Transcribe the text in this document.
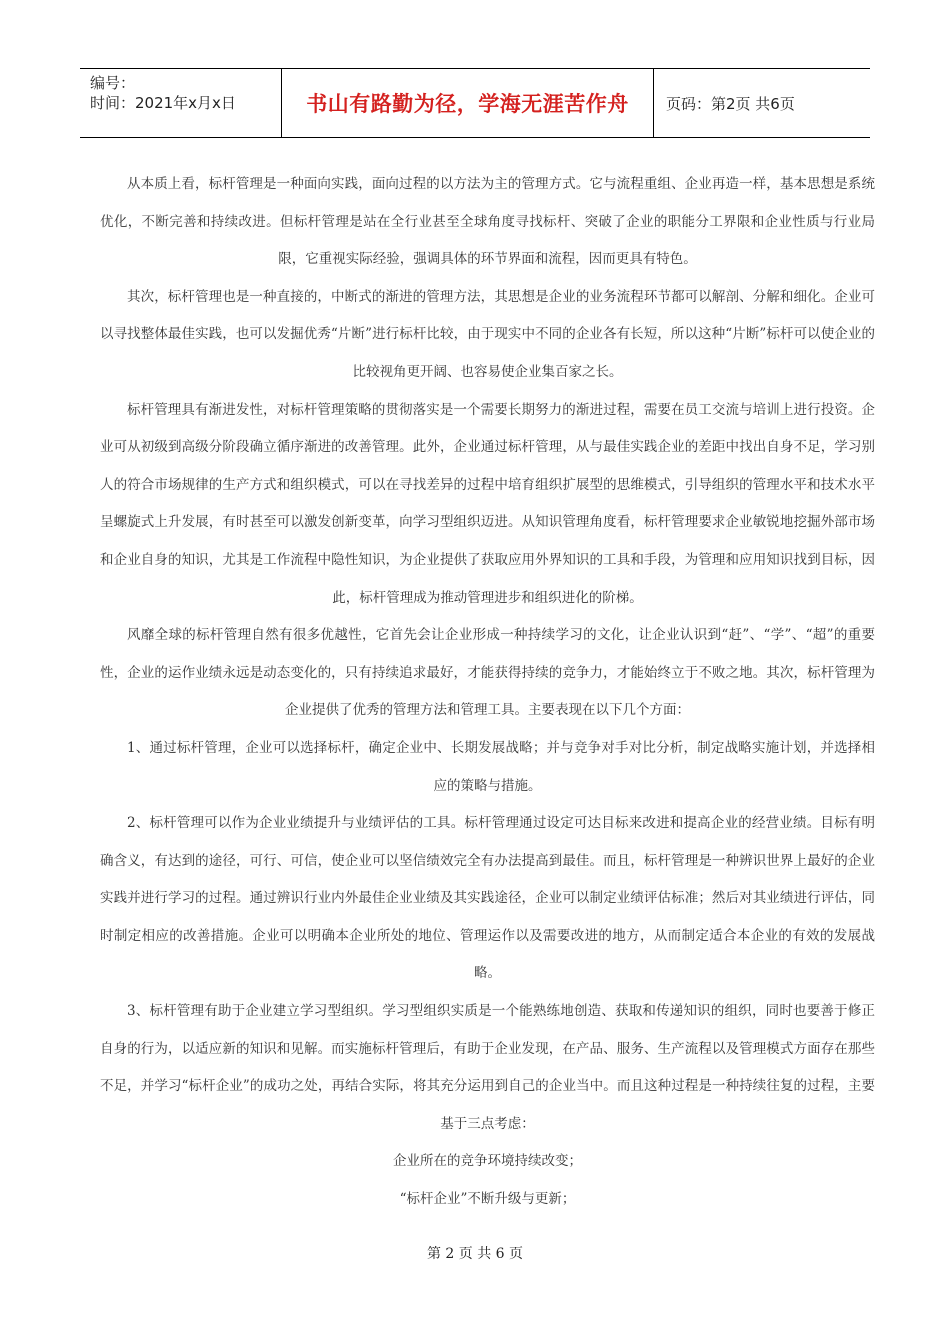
编号：
时间：2021年x月x日	书山有路勤为径，学海无涯苦作舟	页码：第2页 共6页

从本质上看，标杆管理是一种面向实践，面向过程的以方法为主的管理方式。它与流程重组、企业再造一样，基本思想是系统优化，不断完善和持续改进。但标杆管理是站在全行业甚至全球角度寻找标杆、突破了企业的职能分工界限和企业性质与行业局限，它重视实际经验，强调具体的环节界面和流程，因而更具有特色。

其次，标杆管理也是一种直接的，中断式的渐进的管理方法，其思想是企业的业务流程环节都可以解剖、分解和细化。企业可以寻找整体最佳实践，也可以发掘优秀“片断”进行标杆比较，由于现实中不同的企业各有长短，所以这种“片断”标杆可以使企业的比较视角更开阔、也容易使企业集百家之长。

标杆管理具有渐进发性，对标杆管理策略的贯彻落实是一个需要长期努力的渐进过程，需要在员工交流与培训上进行投资。企业可从初级到高级分阶段确立循序渐进的改善管理。此外，企业通过标杆管理，从与最佳实践企业的差距中找出自身不足，学习别人的符合市场规律的生产方式和组织模式，可以在寻找差异的过程中培育组织扩展型的思维模式，引导组织的管理水平和技术水平呈螺旋式上升发展，有时甚至可以激发创新变革，向学习型组织迈进。从知识管理角度看，标杆管理要求企业敏锐地挖掘外部市场和企业自身的知识，尤其是工作流程中隐性知识，为企业提供了获取应用外界知识的工具和手段，为管理和应用知识找到目标，因此，标杆管理成为推动管理进步和组织进化的阶梯。

风靡全球的标杆管理自然有很多优越性，它首先会让企业形成一种持续学习的文化，让企业认识到“赶”、“学”、“超”的重要性，企业的运作业绩永远是动态变化的，只有持续追求最好，才能获得持续的竞争力，才能始终立于不败之地。其次，标杆管理为企业提供了优秀的管理方法和管理工具。主要表现在以下几个方面：

1、通过标杆管理，企业可以选择标杆，确定企业中、长期发展战略；并与竞争对手对比分析，制定战略实施计划，并选择相应的策略与措施。

2、标杆管理可以作为企业业绩提升与业绩评估的工具。标杆管理通过设定可达目标来改进和提高企业的经营业绩。目标有明确含义，有达到的途径，可行、可信，使企业可以坚信绩效完全有办法提高到最佳。而且，标杆管理是一种辨识世界上最好的企业实践并进行学习的过程。通过辨识行业内外最佳企业业绩及其实践途径，企业可以制定业绩评估标准；然后对其业绩进行评估，同时制定相应的改善措施。企业可以明确本企业所处的地位、管理运作以及需要改进的地方，从而制定适合本企业的有效的发展战略。

3、标杆管理有助于企业建立学习型组织。学习型组织实质是一个能熟练地创造、获取和传递知识的组织，同时也要善于修正自身的行为，以适应新的知识和见解。而实施标杆管理后，有助于企业发现，在产品、服务、生产流程以及管理模式方面存在那些不足，并学习“标杆企业”的成功之处，再结合实际，将其充分运用到自己的企业当中。而且这种过程是一种持续往复的过程，主要基于三点考虑：

企业所在的竞争环境持续改变；

“标杆企业”不断升级与更新；

第 2 页 共 6 页
